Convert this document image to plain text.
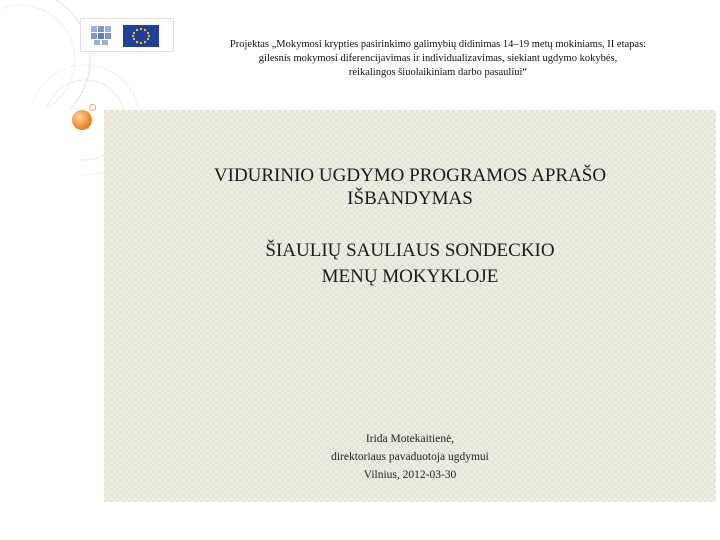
Projektas „Mokymosi krypties pasirinkimo galimybių didinimas 14–19 metų mokiniams, II etapas:
gilesnis mokymosi diferencijavimas ir individualizavimas, siekiant ugdymo kokybės,
reikalingos šiuolaikiniam darbo pasauliui“
VIDURINIO UGDYMO PROGRAMOS APRAŠO
IŠBANDYMAS
ŠIAULIŲ SAULIAUS SONDECKIO
MENŲ MOKYKLOJE
Irida Motekaitienė,
direktoriaus pavaduotoja ugdymui
Vilnius, 2012-03-30
